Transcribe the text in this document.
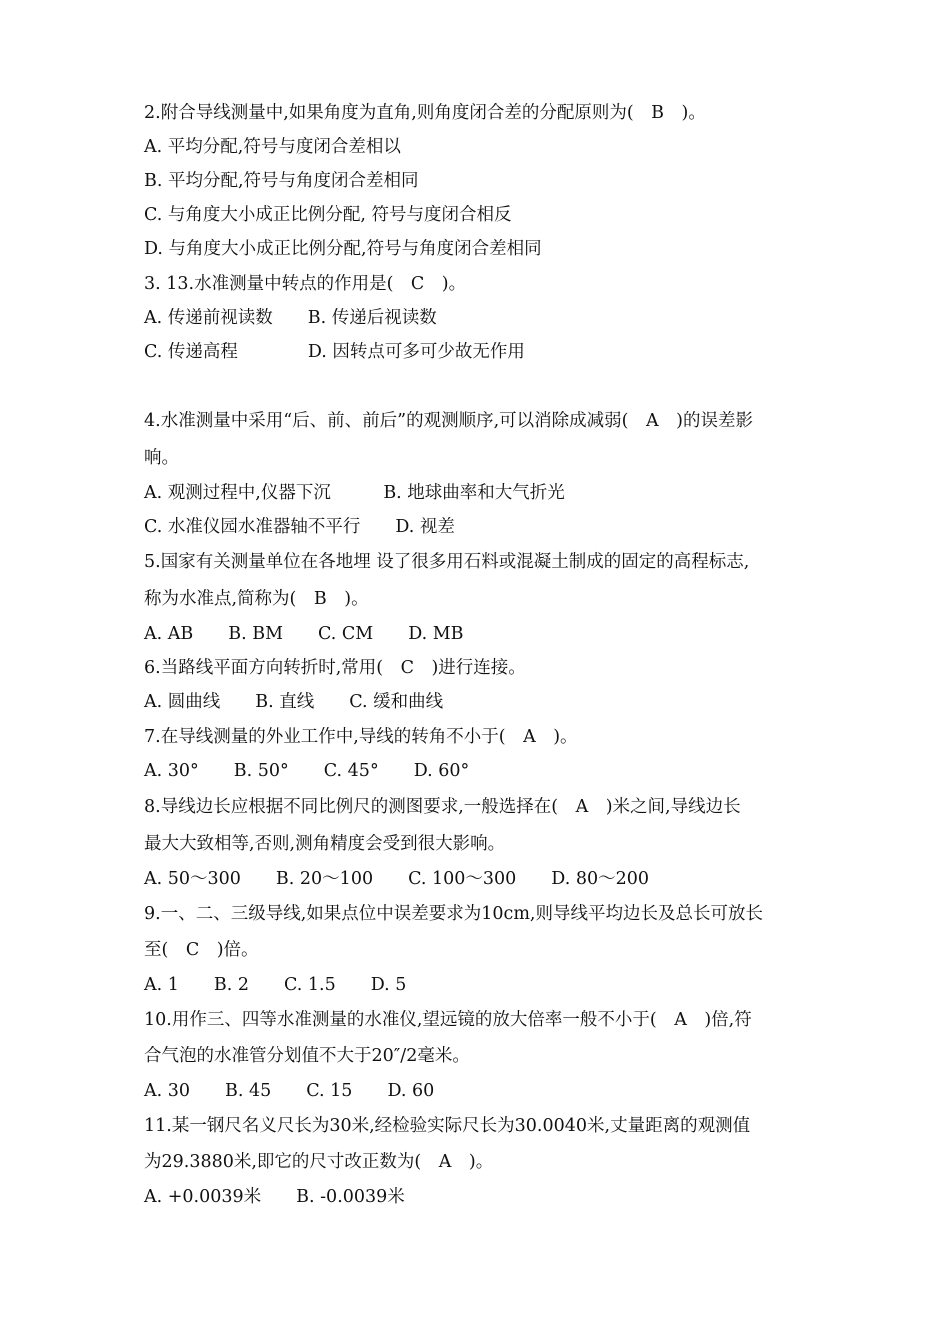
2.附合导线测量中,如果角度为直角,则角度闭合差的分配原则为(　B　)。
A. 平均分配,符号与度闭合差相以
B. 平均分配,符号与角度闭合差相同
C. 与角度大小成正比例分配, 符号与度闭合相反
D. 与角度大小成正比例分配,符号与角度闭合差相同
3. 13.水准测量中转点的作用是(　C　)。
A. 传递前视读数　　B. 传递后视读数
C. 传递高程　　　　D. 因转点可多可少故无作用
4.水准测量中采用“后、前、前后”的观测顺序,可以消除成减弱(　A　)的误差影
响。
A. 观测过程中,仪器下沉　　　B. 地球曲率和大气折光
C. 水准仪园水准器轴不平行　　D. 视差
5.国家有关测量单位在各地埋 设了很多用石料或混凝土制成的固定的高程标志,
称为水准点,简称为(　B　)。
A. AB　　B. BM　　C. CM　　D. MB
6.当路线平面方向转折时,常用(　C　)进行连接。
A. 圆曲线　　B. 直线　　C. 缓和曲线
7.在导线测量的外业工作中,导线的转角不小于(　A　)。
A. 30°　　B. 50°　　C. 45°　　D. 60°
8.导线边长应根据不同比例尺的测图要求,一般选择在(　A　)米之间,导线边长
最大大致相等,否则,测角精度会受到很大影响。
A. 50～300　　B. 20～100　　C. 100～300　　D. 80～200
9.一、二、三级导线,如果点位中误差要求为10cm,则导线平均边长及总长可放长
至(　C　)倍。
A. 1　　B. 2　　C. 1.5　　D. 5
10.用作三、四等水准测量的水准仪,望远镜的放大倍率一般不小于(　A　)倍,符
合气泡的水准管分划值不大于20″/2毫米。
A. 30　　B. 45　　C. 15　　D. 60
11.某一钢尺名义尺长为30米,经检验实际尺长为30.0040米,丈量距离的观测值
为29.3880米,即它的尺寸改正数为(　A　)。
A. +0.0039米　　B. -0.0039米
